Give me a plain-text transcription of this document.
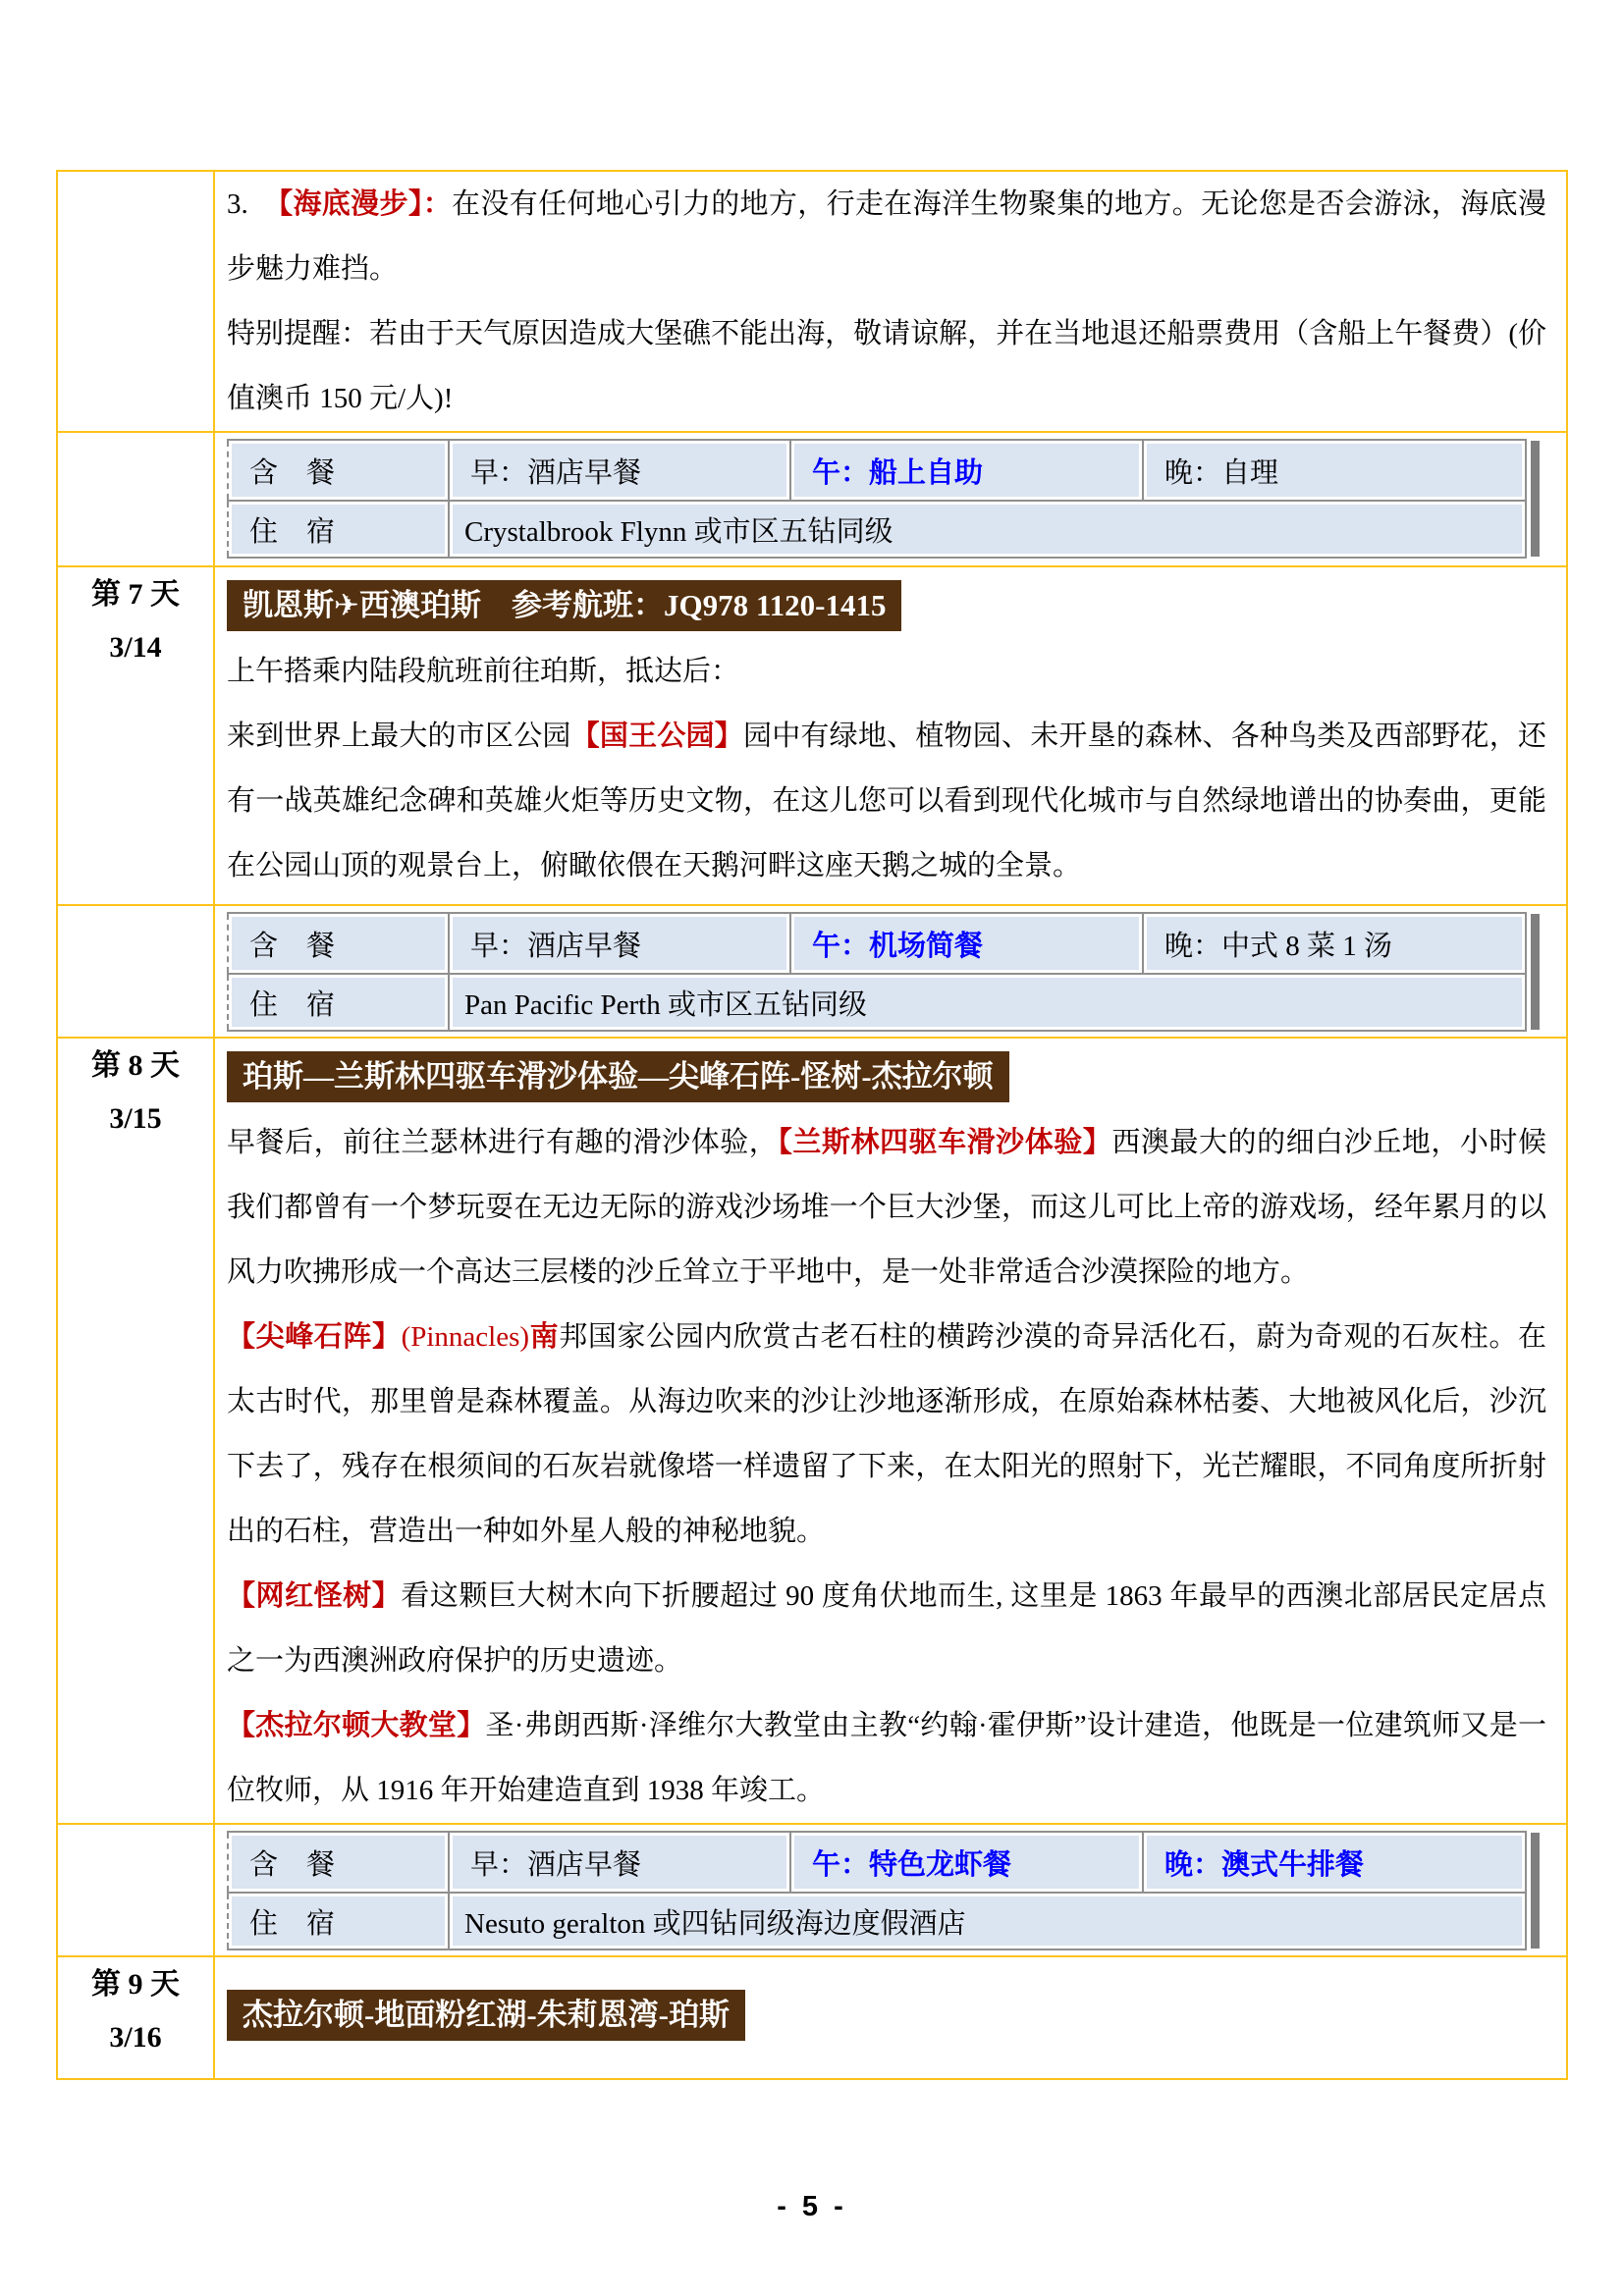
3. 【海底漫步】：在没有任何地心引力的地方，行走在海洋生物聚集的地方。无论您是否会游泳，海底漫步魅力难挡。

特别提醒：若由于天气原因造成大堡礁不能出海，敬请谅解，并在当地退还船票费用（含船上午餐费）(价值澳币 150 元/人)!

含　餐	早：酒店早餐	午：船上自助	晚：自理

住　宿	Crystalbrook Flynn 或市区五钻同级

第 7 天
3/14
	凯恩斯✈西澳珀斯　参考航班：JQ978 1120-1415

上午搭乘内陆段航班前往珀斯，抵达后：

来到世界上最大的市区公园【国王公园】园中有绿地、植物园、未开垦的森林、各种鸟类及西部野花，还有一战英雄纪念碑和英雄火炬等历史文物，在这儿您可以看到现代化城市与自然绿地谱出的协奏曲，更能在公园山顶的观景台上，俯瞰依偎在天鹅河畔这座天鹅之城的全景。

含　餐	早：酒店早餐	午：机场简餐	晚：中式 8 菜 1 汤

住　宿	Pan Pacific Perth 或市区五钻同级

第 8 天
3/15
	珀斯—兰斯林四驱车滑沙体验—尖峰石阵-怪树-杰拉尔顿

早餐后，前往兰瑟林进行有趣的滑沙体验，【兰斯林四驱车滑沙体验】西澳最大的的细白沙丘地，小时候我们都曾有一个梦玩耍在无边无际的游戏沙场堆一个巨大沙堡，而这儿可比上帝的游戏场，经年累月的以风力吹拂形成一个高达三层楼的沙丘耸立于平地中，是一处非常适合沙漠探险的地方。

【尖峰石阵】(Pinnacles)南邦国家公园内欣赏古老石柱的横跨沙漠的奇异活化石，蔚为奇观的石灰柱。在太古时代，那里曾是森林覆盖。从海边吹来的沙让沙地逐渐形成，在原始森林枯萎、大地被风化后，沙沉下去了，残存在根须间的石灰岩就像塔一样遗留了下来，在太阳光的照射下，光芒耀眼，不同角度所折射出的石柱，营造出一种如外星人般的神秘地貌。

【网红怪树】看这颗巨大树木向下折腰超过 90 度角伏地而生, 这里是 1863 年最早的西澳北部居民定居点之一为西澳洲政府保护的历史遗迹。

【杰拉尔顿大教堂】圣·弗朗西斯·泽维尔大教堂由主教“约翰·霍伊斯”设计建造，他既是一位建筑师又是一位牧师，从 1916 年开始建造直到 1938 年竣工。

含　餐	早：酒店早餐	午：特色龙虾餐	晚：澳式牛排餐

住　宿	Nesuto geralton 或四钻同级海边度假酒店

第 9 天
3/16
	杰拉尔顿-地面粉红湖-朱莉恩湾-珀斯
- 5 -
